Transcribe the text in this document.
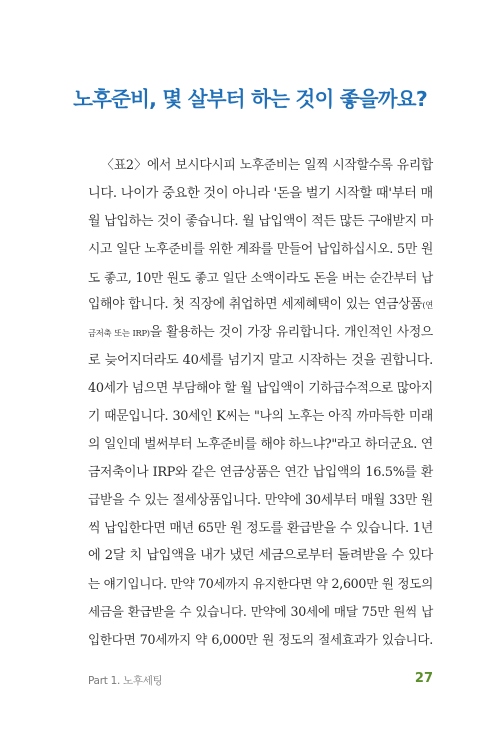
노후준비, 몇 살부터 하는 것이 좋을까요?
〈표2〉에서 보시다시피 노후준비는 일찍 시작할수록 유리합
니다. 나이가 중요한 것이 아니라 '돈을 벌기 시작할 때'부터 매
월 납입하는 것이 좋습니다. 월 납입액이 적든 많든 구애받지 마
시고 일단 노후준비를 위한 계좌를 만들어 납입하십시오. 5만 원
도 좋고, 10만 원도 좋고 일단 소액이라도 돈을 버는 순간부터 납
입해야 합니다. 첫 직장에 취업하면 세제혜택이 있는 연금상품(연
금저축 또는 IRP)을 활용하는 것이 가장 유리합니다. 개인적인 사정으
로 늦어지더라도 40세를 넘기지 말고 시작하는 것을 권합니다.
40세가 넘으면 부담해야 할 월 납입액이 기하급수적으로 많아지
기 때문입니다. 30세인 K씨는 "나의 노후는 아직 까마득한 미래
의 일인데 벌써부터 노후준비를 해야 하느냐?"라고 하더군요. 연
금저축이나 IRP와 같은 연금상품은 연간 납입액의 16.5%를 환
급받을 수 있는 절세상품입니다. 만약에 30세부터 매월 33만 원
씩 납입한다면 매년 65만 원 정도를 환급받을 수 있습니다. 1년
에 2달 치 납입액을 내가 냈던 세금으로부터 돌려받을 수 있다
는 얘기입니다. 만약 70세까지 유지한다면 약 2,600만 원 정도의
세금을 환급받을 수 있습니다. 만약에 30세에 매달 75만 원씩 납
입한다면 70세까지 약 6,000만 원 정도의 절세효과가 있습니다.
Part 1. 노후세팅	27
